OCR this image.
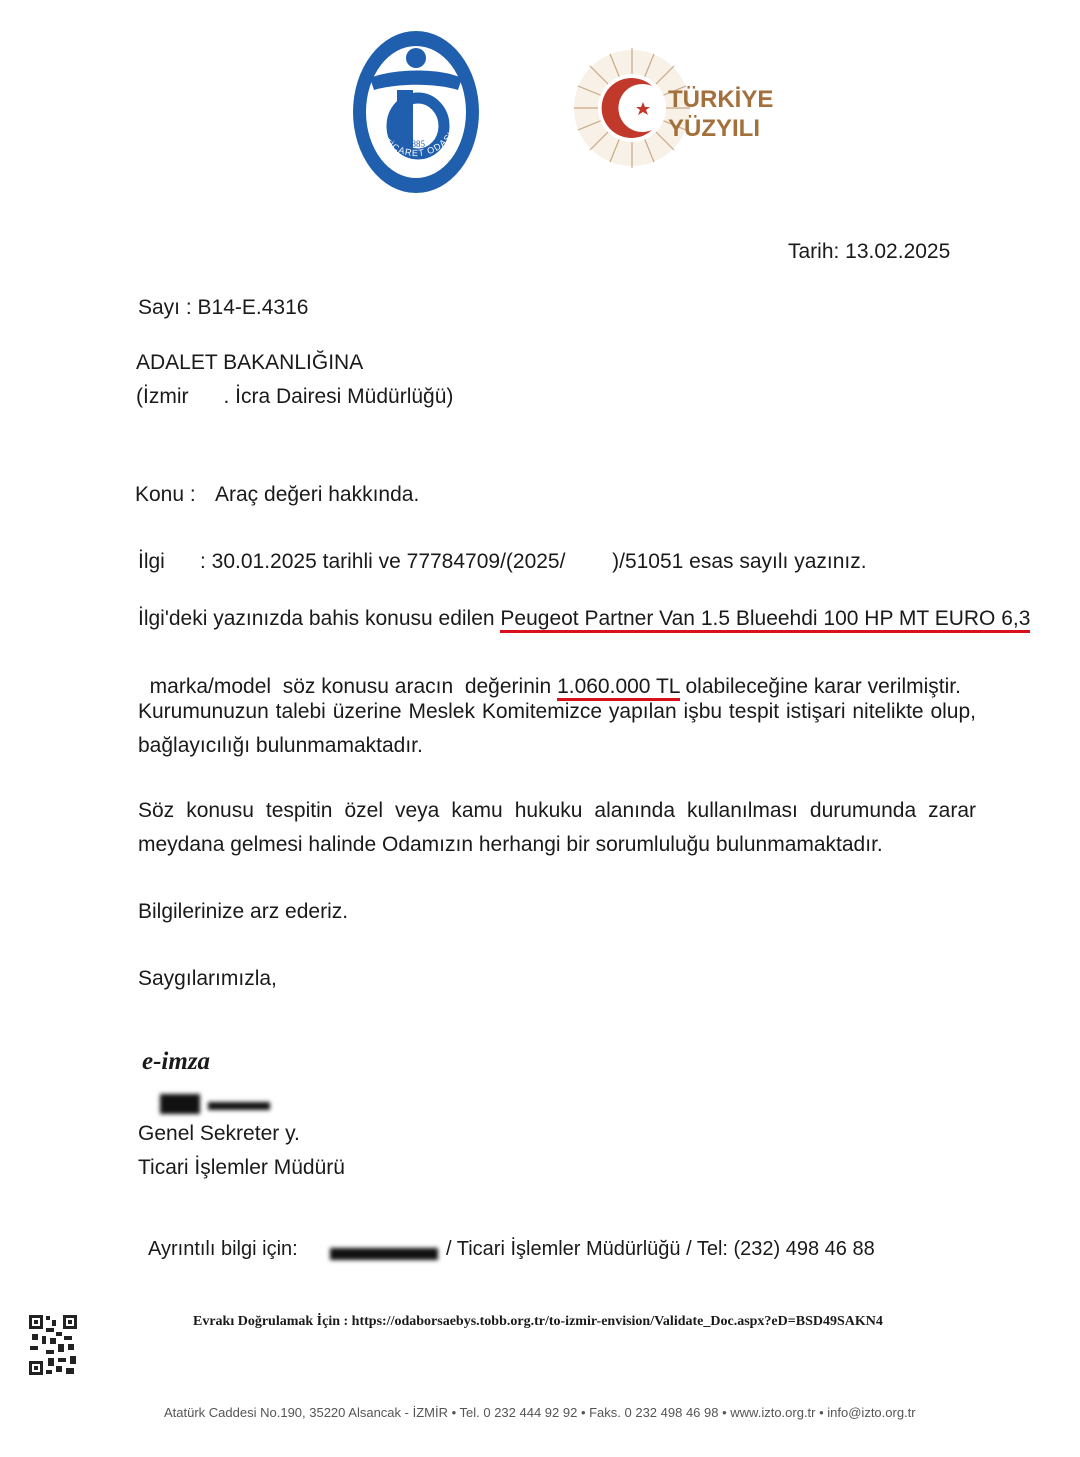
1885
İZMİR TİCARET ODASI
TÜRKİYE
YÜZYILI
Tarih: 13.02.2025
Sayı : B14-E.4316
ADALET BAKANLIĞINA
(İzmir      . İcra Dairesi Müdürlüğü)
Konu : Araç değeri hakkında.
İlgi : 30.01.2025 tarihli ve 77784709/(2025/        )/51051 esas sayılı yazınız.
İlgi'deki yazınızda bahis konusu edilen Peugeot Partner Van 1.5 Blueehdi 100 HP MT EURO 6,3

marka/model  söz konusu aracın  değerinin 1.060.000 TL olabileceğine karar verilmiştir.

Kurumunuzun talebi üzerine Meslek Komitemizce yapılan işbu tespit istişari nitelikte olup, bağlayıcılığı bulunmamaktadır.
Söz konusu tespitin özel veya kamu hukuku alanında kullanılması durumunda zarar meydana gelmesi halinde Odamızın herhangi bir sorumluluğu bulunmamaktadır.
Bilgilerinize arz ederiz.
Saygılarımızla,
e-imza
Genel Sekreter y.
Ticari İşlemler Müdürü
Ayrıntılı bilgi için:	/ Ticari İşlemler Müdürlüğü / Tel: (232) 498 46 88
Evrakı Doğrulamak İçin : https://odaborsaebys.tobb.org.tr/to-izmir-envision/Validate_Doc.aspx?eD=BSD49SAKN4
Atatürk Caddesi No.190, 35220 Alsancak - İZMİR • Tel. 0 232 444 92 92 • Faks. 0 232 498 46 98 • www.izto.org.tr • info@izto.org.tr
